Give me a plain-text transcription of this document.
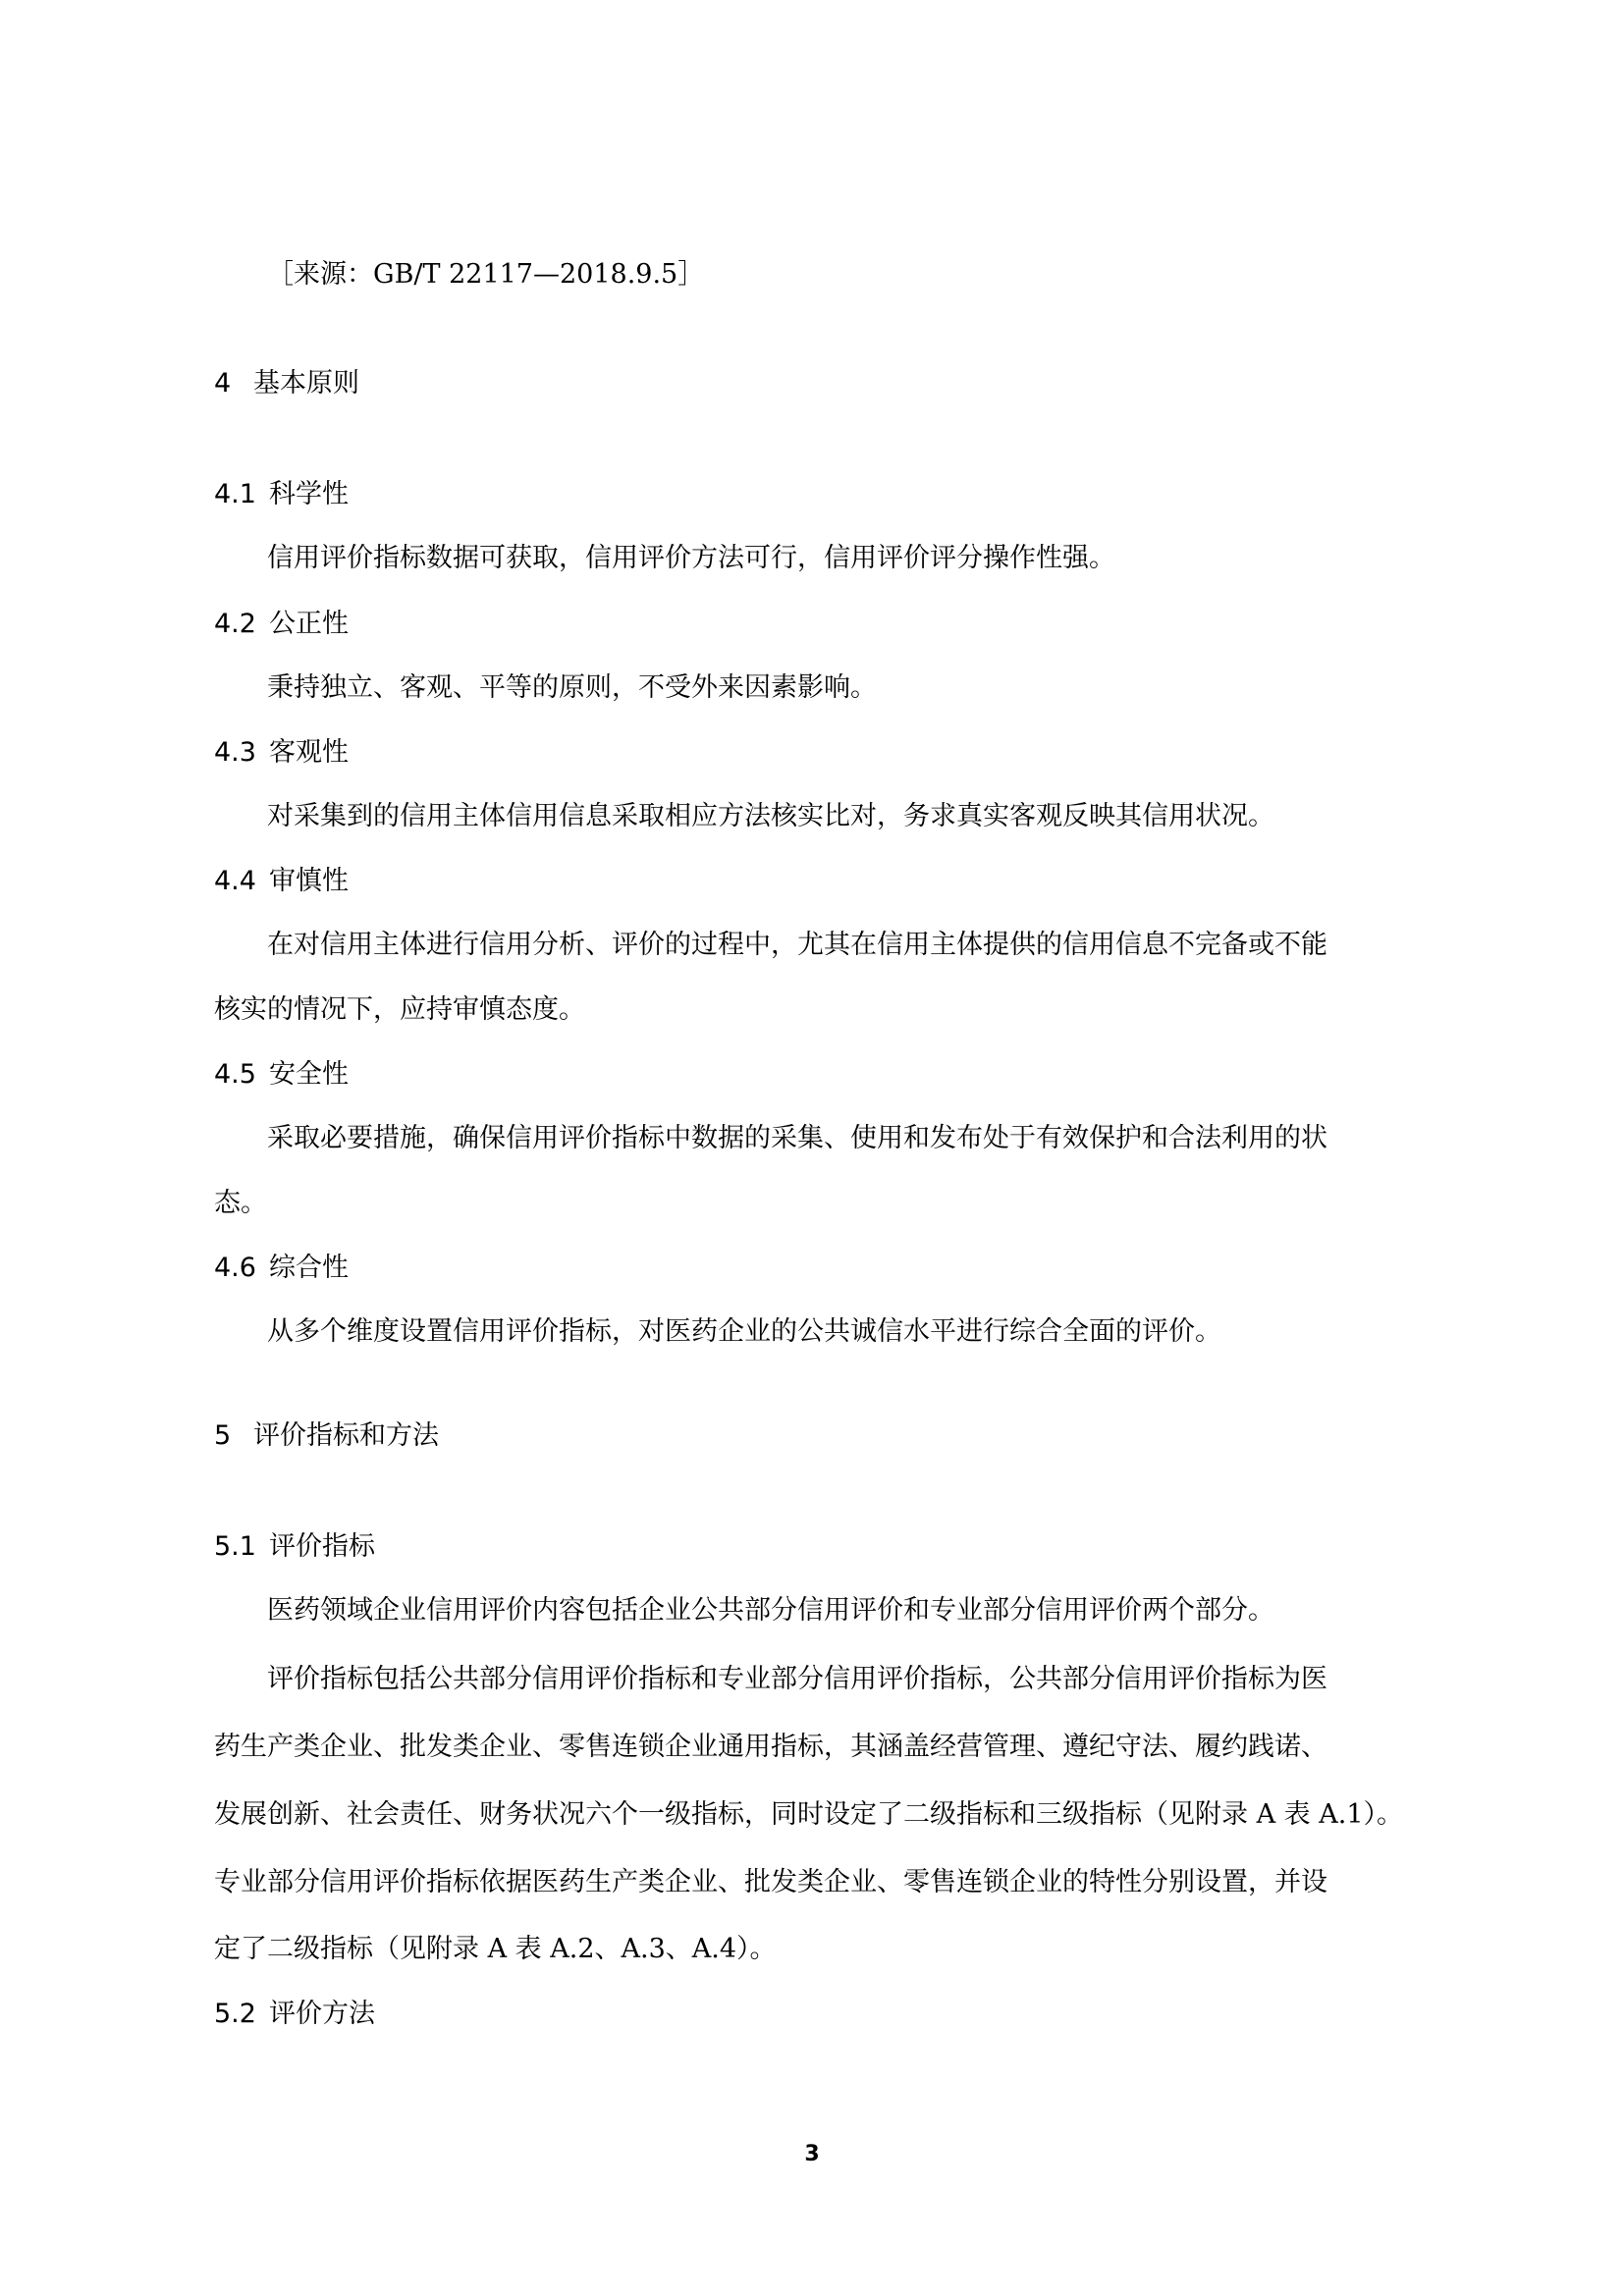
［来源：GB/T 22117—2018.9.5］
4 基本原则
4.1 科学性
信用评价指标数据可获取，信用评价方法可行，信用评价评分操作性强。
4.2 公正性
秉持独立、客观、平等的原则，不受外来因素影响。
4.3 客观性
对采集到的信用主体信用信息采取相应方法核实比对，务求真实客观反映其信用状况。
4.4 审慎性
在对信用主体进行信用分析、评价的过程中，尤其在信用主体提供的信用信息不完备或不能
核实的情况下，应持审慎态度。
4.5 安全性
采取必要措施，确保信用评价指标中数据的采集、使用和发布处于有效保护和合法利用的状
态。
4.6 综合性
从多个维度设置信用评价指标，对医药企业的公共诚信水平进行综合全面的评价。
5 评价指标和方法
5.1 评价指标
医药领域企业信用评价内容包括企业公共部分信用评价和专业部分信用评价两个部分。
评价指标包括公共部分信用评价指标和专业部分信用评价指标，公共部分信用评价指标为医
药生产类企业、批发类企业、零售连锁企业通用指标，其涵盖经营管理、遵纪守法、履约践诺、
发展创新、社会责任、财务状况六个一级指标，同时设定了二级指标和三级指标（见附录 A 表 A.1）。
专业部分信用评价指标依据医药生产类企业、批发类企业、零售连锁企业的特性分别设置，并设
定了二级指标（见附录 A 表 A.2、A.3、A.4）。
5.2 评价方法
3
